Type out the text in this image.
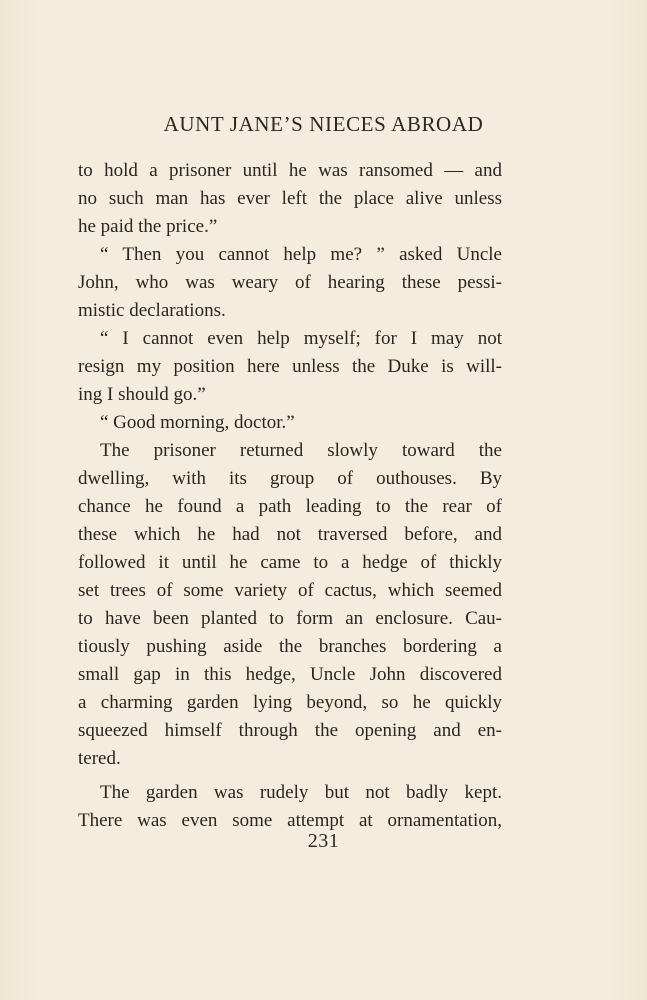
AUNT JANE’S NIECES ABROAD
to hold a prisoner until he was ransomed — and
no such man has ever left the place alive unless
he paid the price.”
“ Then you cannot help me? ” asked Uncle
John, who was weary of hearing these pessi-
mistic declarations.
“ I cannot even help myself; for I may not
resign my position here unless the Duke is will-
ing I should go.”
“ Good morning, doctor.”
The prisoner returned slowly toward the
dwelling, with its group of outhouses. By
chance he found a path leading to the rear of
these which he had not traversed before, and
followed it until he came to a hedge of thickly
set trees of some variety of cactus, which seemed
to have been planted to form an enclosure. Cau-
tiously pushing aside the branches bordering a
small gap in this hedge, Uncle John discovered
a charming garden lying beyond, so he quickly
squeezed himself through the opening and en-
tered.
The garden was rudely but not badly kept.
There was even some attempt at ornamentation,
231
